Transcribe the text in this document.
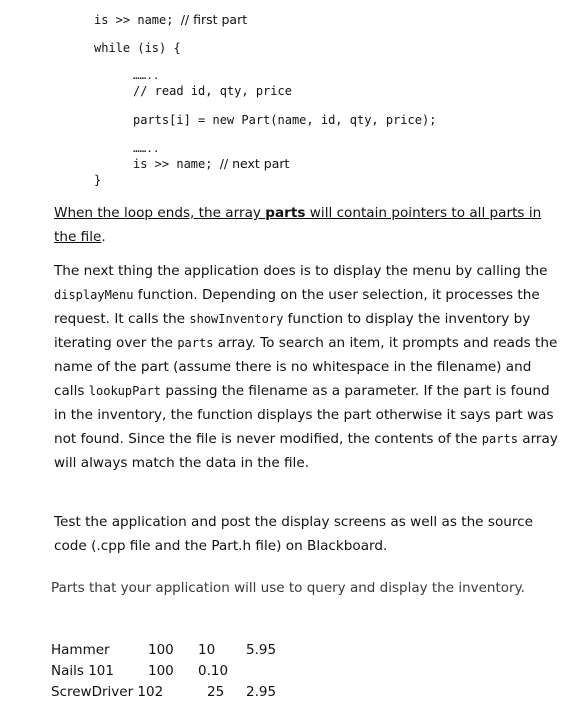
is >> name; // first part
while (is) {
……..
// read id, qty, price
parts[i] = new Part(name, id, qty, price);
……..
is >> name; // next part
}
When the loop ends, the array parts will contain pointers to all parts in the file.
The next thing the application does is to display the menu by calling the displayMenu function. Depending on the user selection, it processes the request. It calls the showInventory function to display the inventory by iterating over the parts array. To search an item, it prompts and reads the name of the part (assume there is no whitespace in the filename) and calls lookupPart passing the filename as a parameter. If the part is found in the inventory, the function displays the part otherwise it says part was not found. Since the file is never modified, the contents of the parts array will always match the data in the file.
Test the application and post the display screens as well as the source code (.cpp file and the Part.h file) on Blackboard.
Parts that your application will use to query and display the inventory.
Hammer	100 10 5.95
Nails 101	100 0.10
ScrewDriver 102	25 2.95
